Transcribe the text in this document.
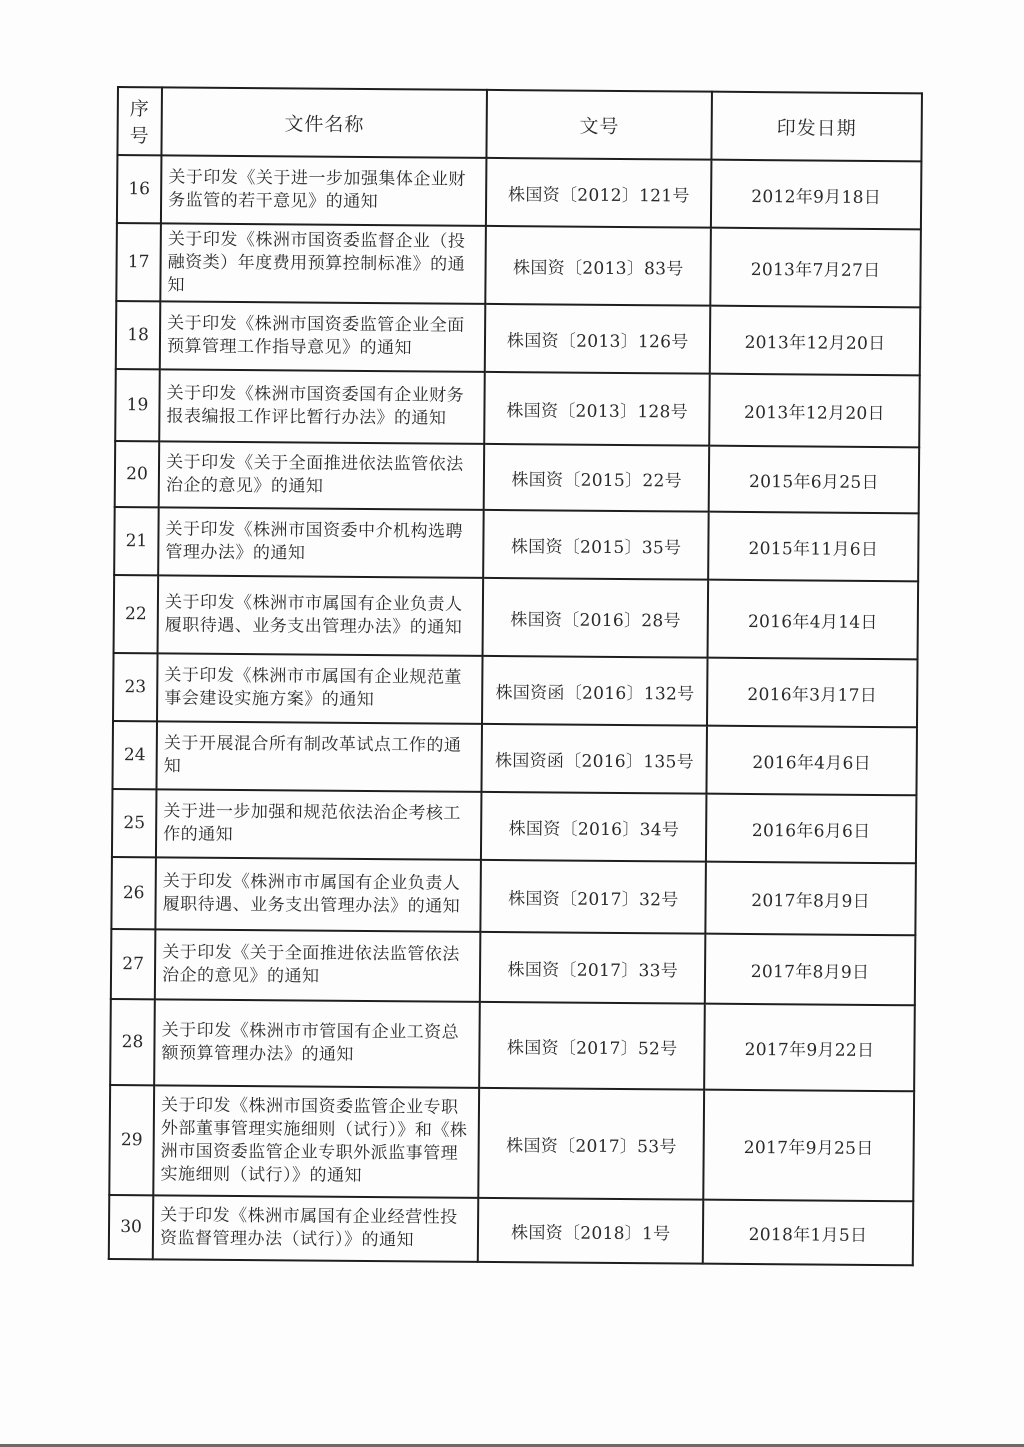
序号	文件名称	文号	印发日期
16	关于印发《关于进一步加强集体企业财务监管的若干意见》的通知	株国资〔2012〕121号	2012年9月18日
17	关于印发《株洲市国资委监督企业（投融资类）年度费用预算控制标准》的通知	株国资〔2013〕83号	2013年7月27日
18	关于印发《株洲市国资委监管企业全面预算管理工作指导意见》的通知	株国资〔2013〕126号	2013年12月20日
19	关于印发《株洲市国资委国有企业财务报表编报工作评比暂行办法》的通知	株国资〔2013〕128号	2013年12月20日
20	关于印发《关于全面推进依法监管依法治企的意见》的通知	株国资〔2015〕22号	2015年6月25日
21	关于印发《株洲市国资委中介机构选聘管理办法》的通知	株国资〔2015〕35号	2015年11月6日
22	关于印发《株洲市市属国有企业负责人履职待遇、业务支出管理办法》的通知	株国资〔2016〕28号	2016年4月14日
23	关于印发《株洲市市属国有企业规范董事会建设实施方案》的通知	株国资函〔2016〕132号	2016年3月17日
24	关于开展混合所有制改革试点工作的通知	株国资函〔2016〕135号	2016年4月6日
25	关于进一步加强和规范依法治企考核工作的通知	株国资〔2016〕34号	2016年6月6日
26	关于印发《株洲市市属国有企业负责人履职待遇、业务支出管理办法》的通知	株国资〔2017〕32号	2017年8月9日
27	关于印发《关于全面推进依法监管依法治企的意见》的通知	株国资〔2017〕33号	2017年8月9日
28	关于印发《株洲市市管国有企业工资总额预算管理办法》的通知	株国资〔2017〕52号	2017年9月22日
29	关于印发《株洲市国资委监管企业专职外部董事管理实施细则（试行）》和《株洲市国资委监管企业专职外派监事管理实施细则（试行）》的通知	株国资〔2017〕53号	2017年9月25日
30	关于印发《株洲市属国有企业经营性投资监督管理办法（试行）》的通知	株国资〔2018〕1号	2018年1月5日
